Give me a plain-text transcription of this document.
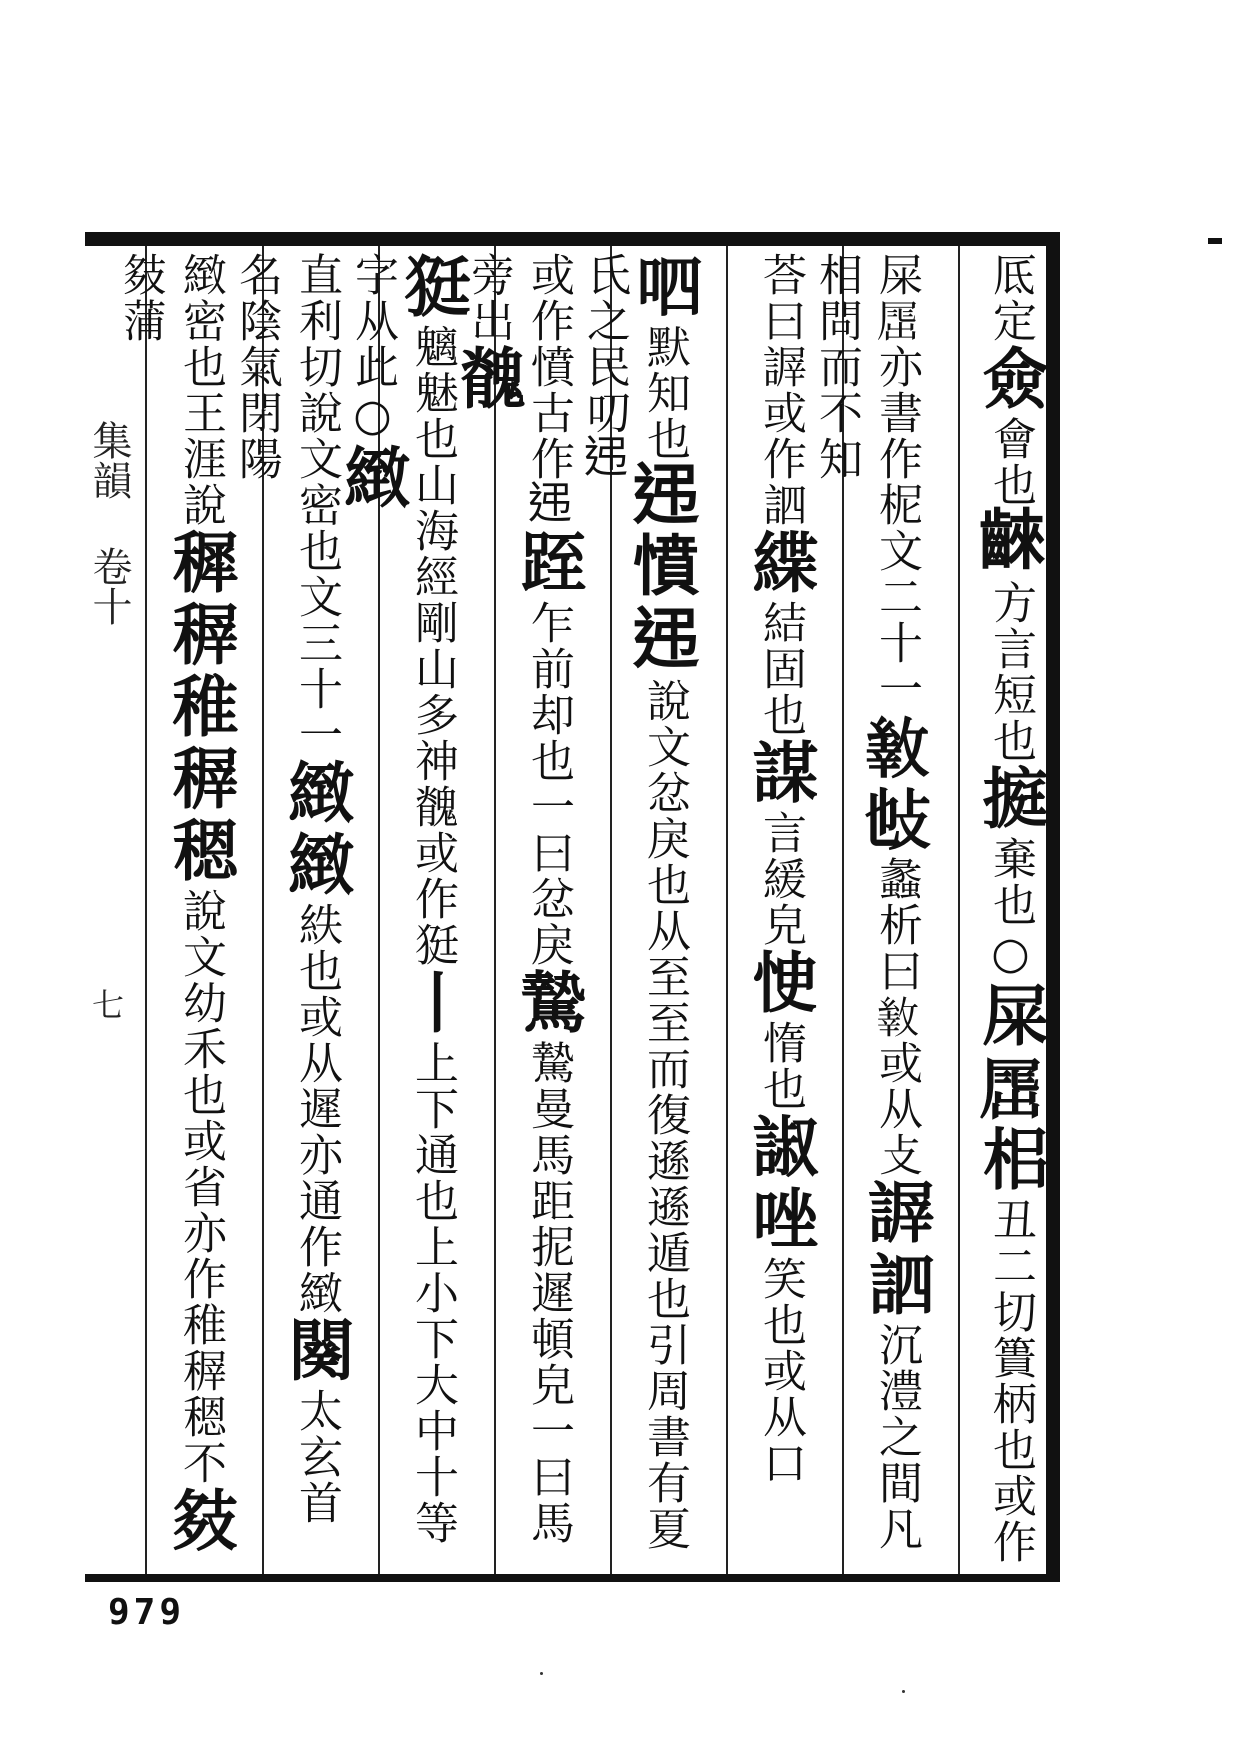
集韻 卷十
七
厎定僉會也𪘨方言短也㨩棄也○屎𡲶㭒丑二切簣柄也或作
屎𡲶亦書作柅文二十一𢿐𢻫蠡析曰𢿐或从攴謘訵沉澧之間凡相問而不知
荅曰謘或作訵緤結固也謀言緩皃㤤惰也諔唑笑也或从口
呬默知也𨑩憤𨑩說文忿戾也从至至而復遜遜遁也引周書有夏氏之民叨𨑩
或作憤古作𨑩跮乍前却也一曰忿戾騺騺曼馬距抳遲頓皃一曰馬旁出䰪
㹶魑魅也山海經剛山多神䰪或作㹶丨上下通也上小下大中十等字从此○緻
直利切說文密也文三十一緻緻紩也或从遲亦通作緻闋太玄首名陰氣閉陽
緻密也王涯說穉稺稚稺䅰說文幼禾也或省亦作稚稺䅰不㩼㩼蒲
979
